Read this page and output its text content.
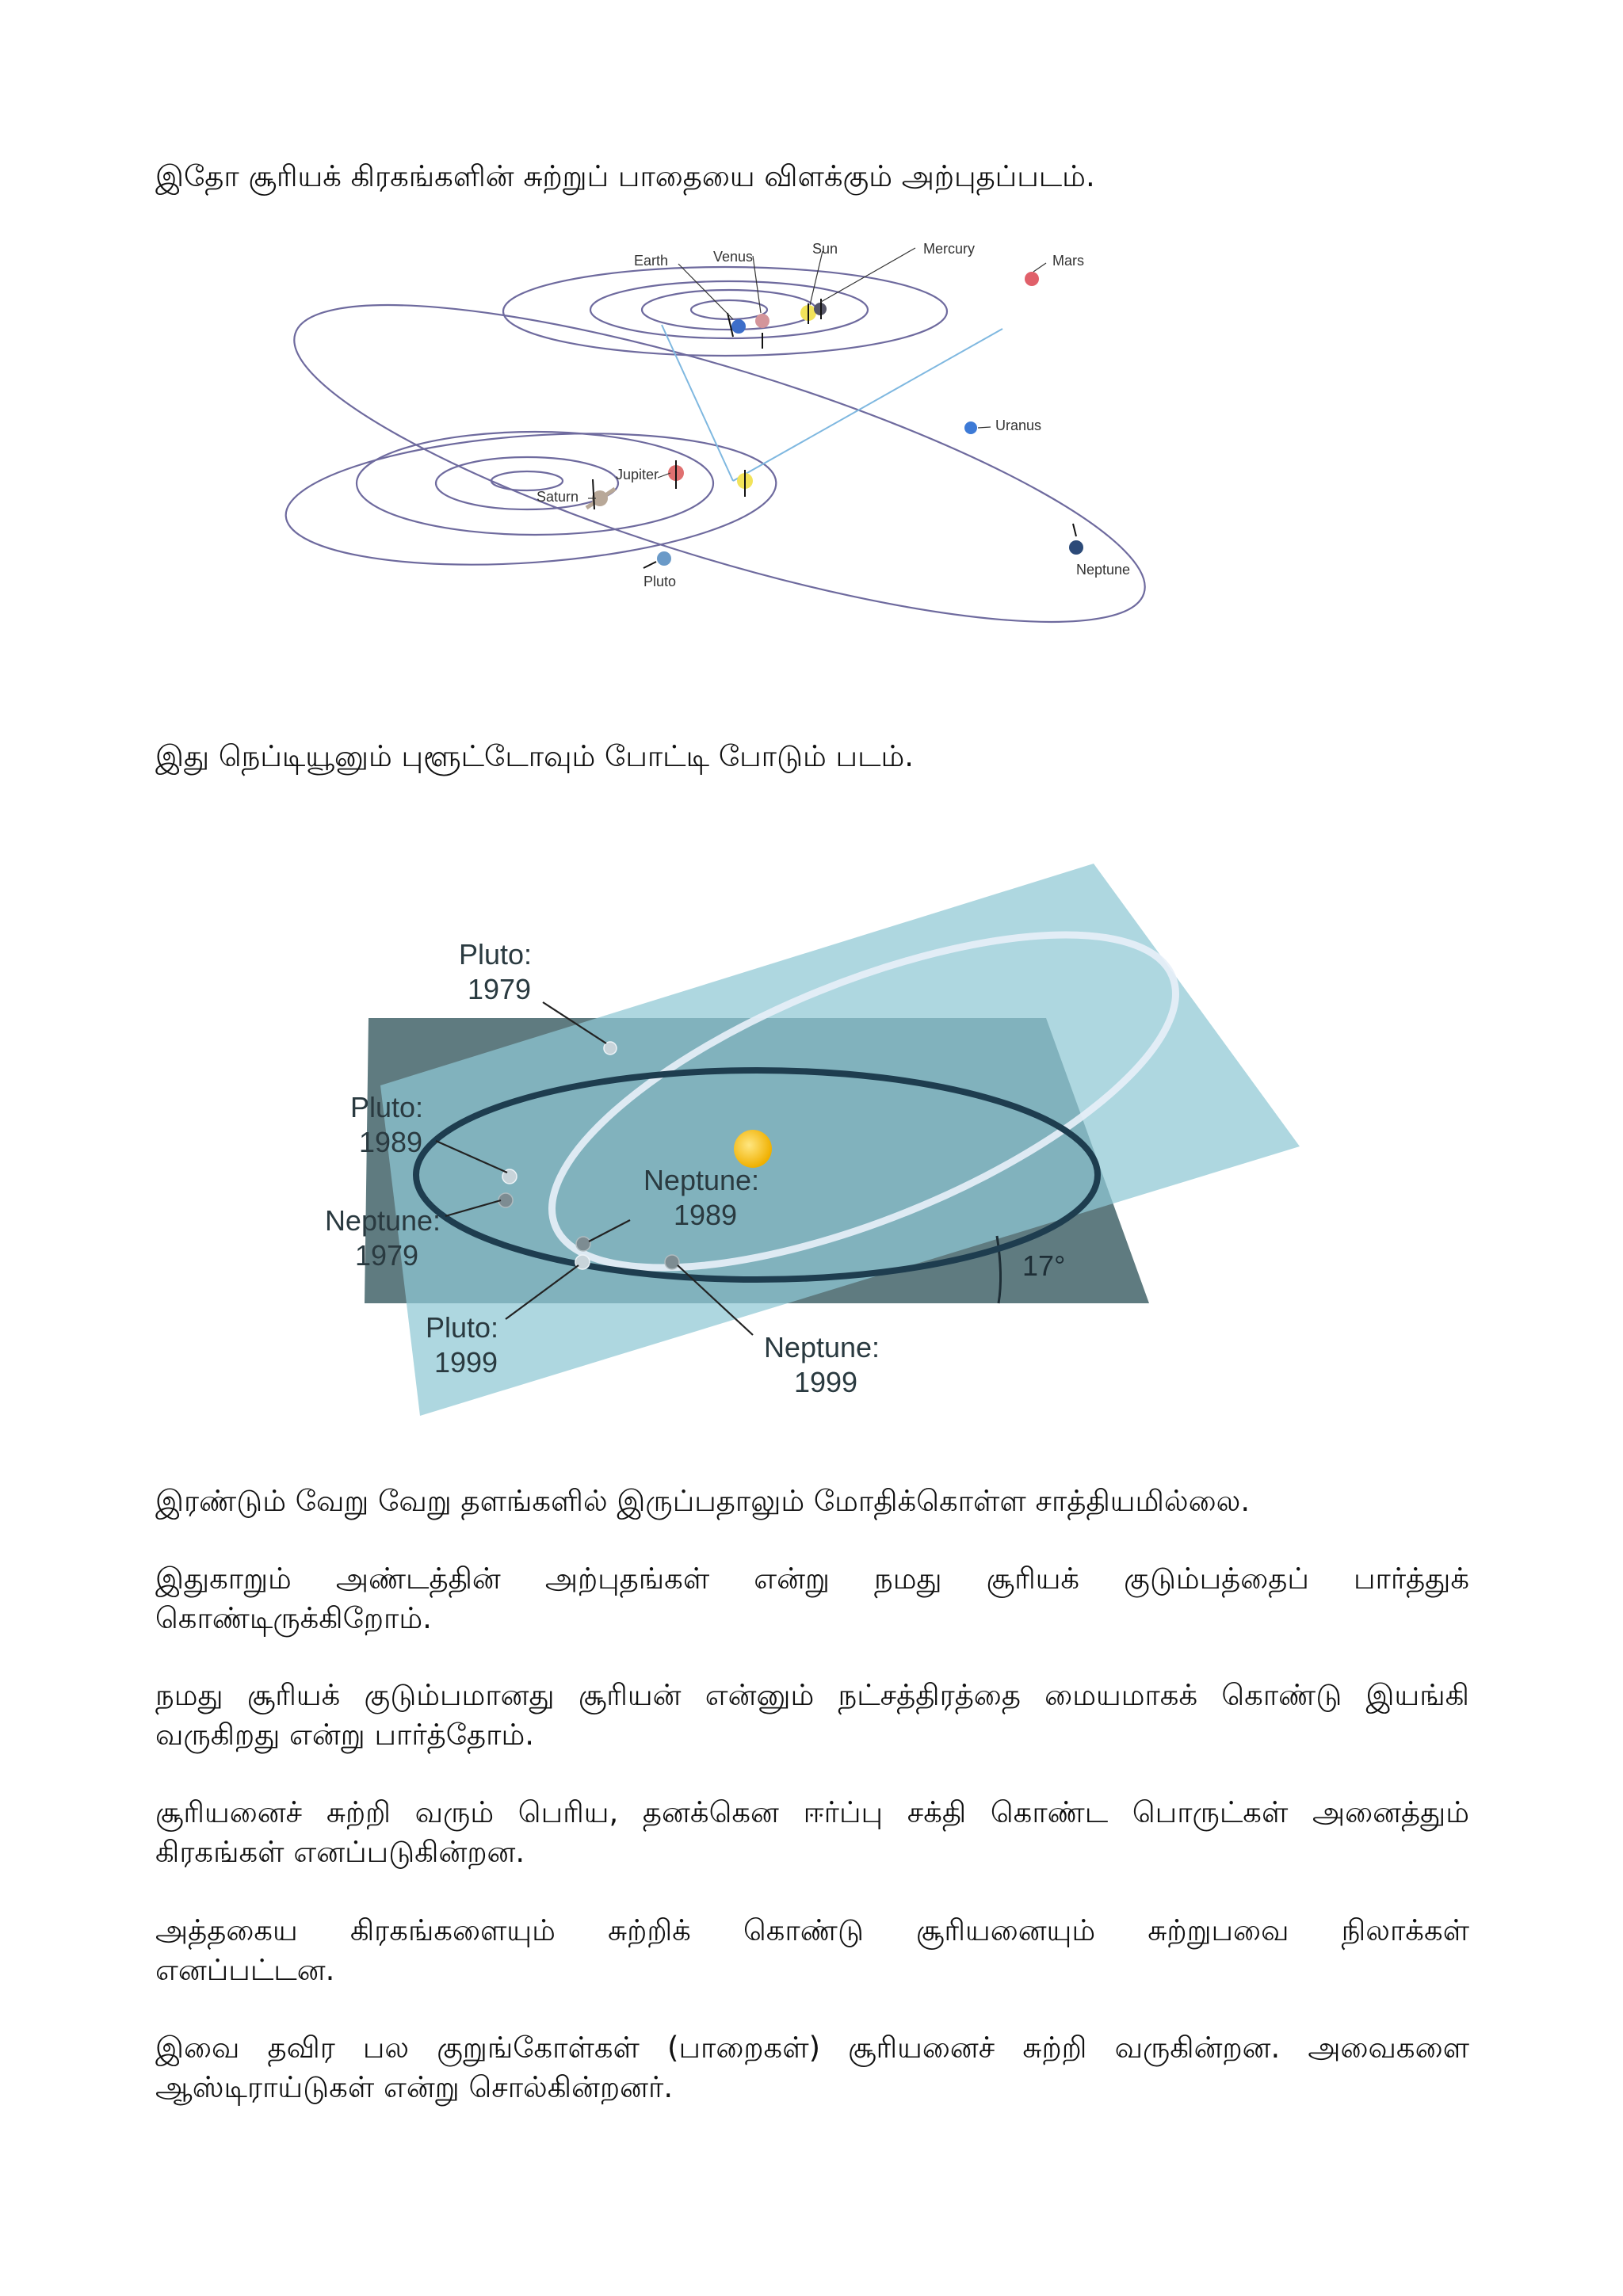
இதோ சூரியக் கிரகங்களின் சுற்றுப் பாதையை விளக்கும் அற்புதப்படம்.

Earth	Venus	Sun	Mercury
Mars
Uranus
Jupiter
Saturn
Pluto
Neptune

இது நெப்டியூனும் புளூட்டோவும் போட்டி போடும் படம்.

17°
Pluto: 1979
Pluto: 1989
Neptune: 1979
Neptune: 1989
Pluto: 1999	Neptune: 1999

இரண்டும் வேறு வேறு தளங்களில் இருப்பதாலும் மோதிக்கொள்ள சாத்தியமில்லை.

இதுகாறும் அண்டத்தின் அற்புதங்கள் என்று நமது சூரியக் குடும்பத்தைப் பார்த்துக்
கொண்டிருக்கிறோம்.
நமது சூரியக் குடும்பமானது சூரியன் என்னும் நட்சத்திரத்தை மையமாகக் கொண்டு இயங்கி
வருகிறது என்று பார்த்தோம்.
சூரியனைச் சுற்றி வரும் பெரிய, தனக்கென ஈர்ப்பு சக்தி கொண்ட பொருட்கள் அனைத்தும்
கிரகங்கள் எனப்படுகின்றன.
அத்தகைய கிரகங்களையும் சுற்றிக் கொண்டு சூரியனையும் சுற்றுபவை நிலாக்கள்
எனப்பட்டன.
இவை தவிர பல குறுங்கோள்கள் (பாறைகள்) சூரியனைச் சுற்றி வருகின்றன. அவைகளை
ஆஸ்டிராய்டுகள் என்று சொல்கின்றனர்.
